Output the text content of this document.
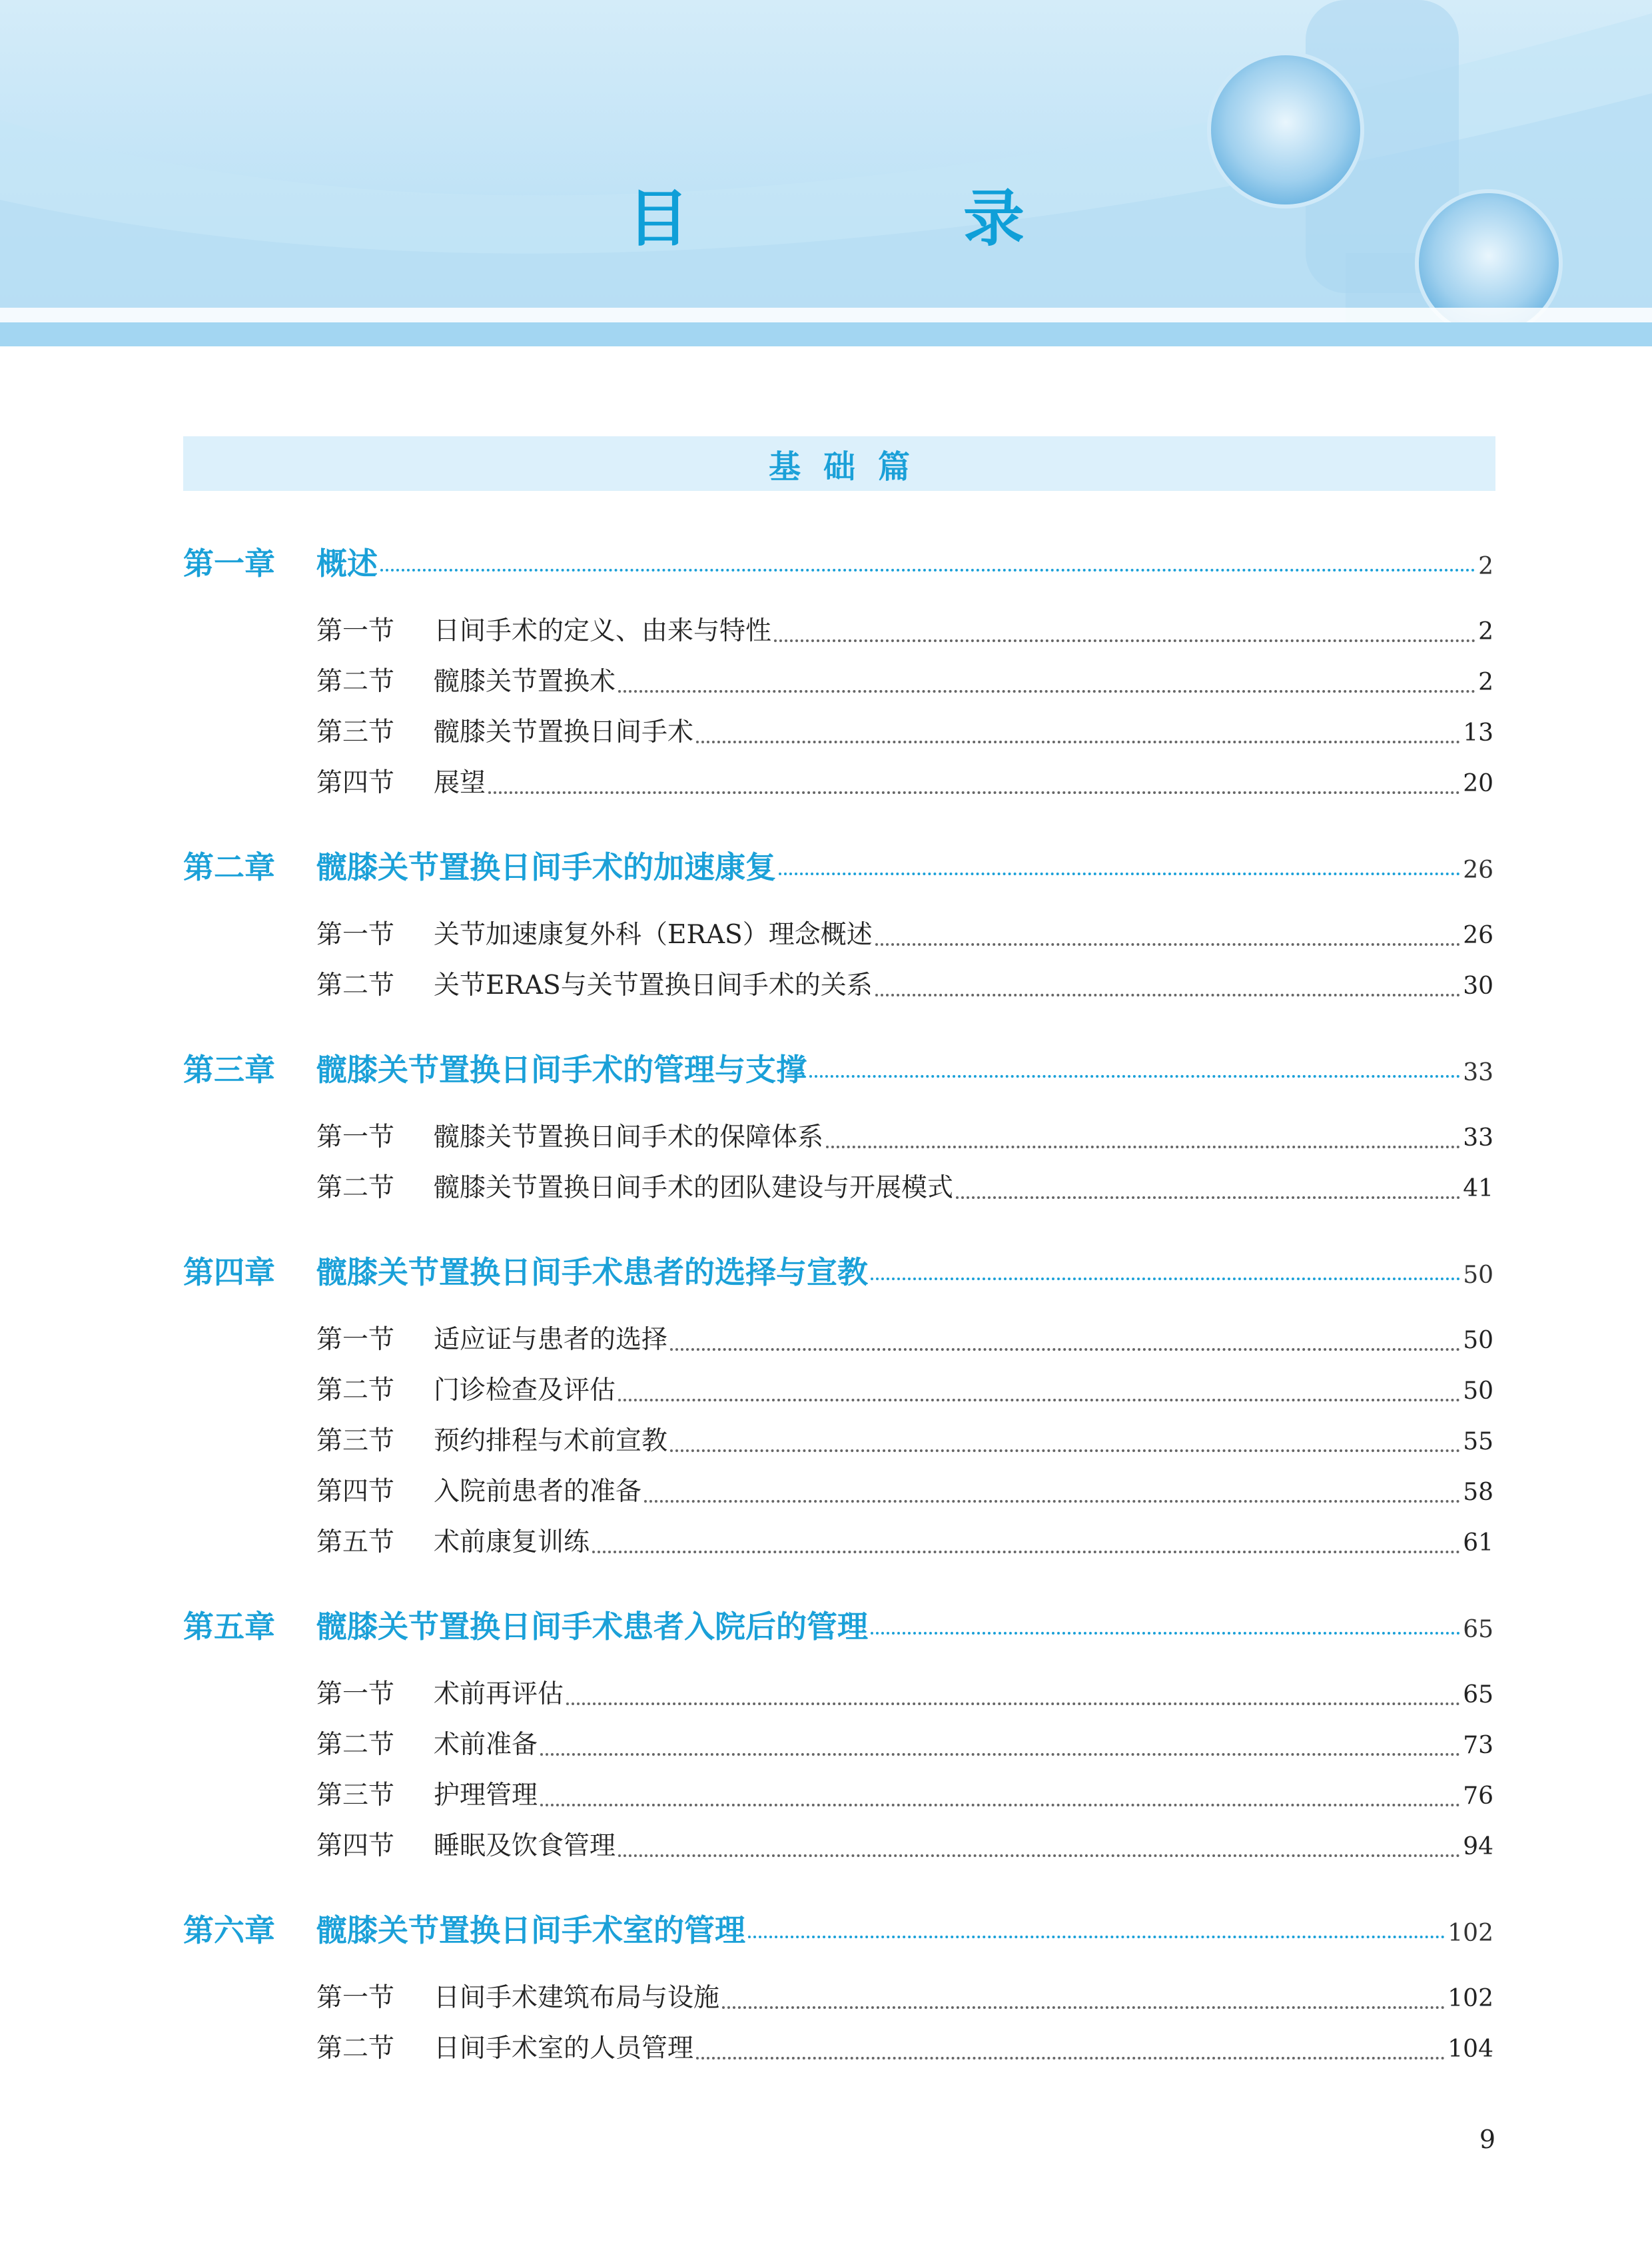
目 录
基础篇
第一章	概述	2
第一节	日间手术的定义、由来与特性	2
第二节	髋膝关节置换术	2
第三节	髋膝关节置换日间手术	13
第四节	展望	20
第二章	髋膝关节置换日间手术的加速康复	26
第一节	关节加速康复外科（ERAS）理念概述	26
第二节	关节ERAS与关节置换日间手术的关系	30
第三章	髋膝关节置换日间手术的管理与支撑	33
第一节	髋膝关节置换日间手术的保障体系	33
第二节	髋膝关节置换日间手术的团队建设与开展模式	41
第四章	髋膝关节置换日间手术患者的选择与宣教	50
第一节	适应证与患者的选择	50
第二节	门诊检查及评估	50
第三节	预约排程与术前宣教	55
第四节	入院前患者的准备	58
第五节	术前康复训练	61
第五章	髋膝关节置换日间手术患者入院后的管理	65
第一节	术前再评估	65
第二节	术前准备	73
第三节	护理管理	76
第四节	睡眠及饮食管理	94
第六章	髋膝关节置换日间手术室的管理	102
第一节	日间手术建筑布局与设施	102
第二节	日间手术室的人员管理	104
9
